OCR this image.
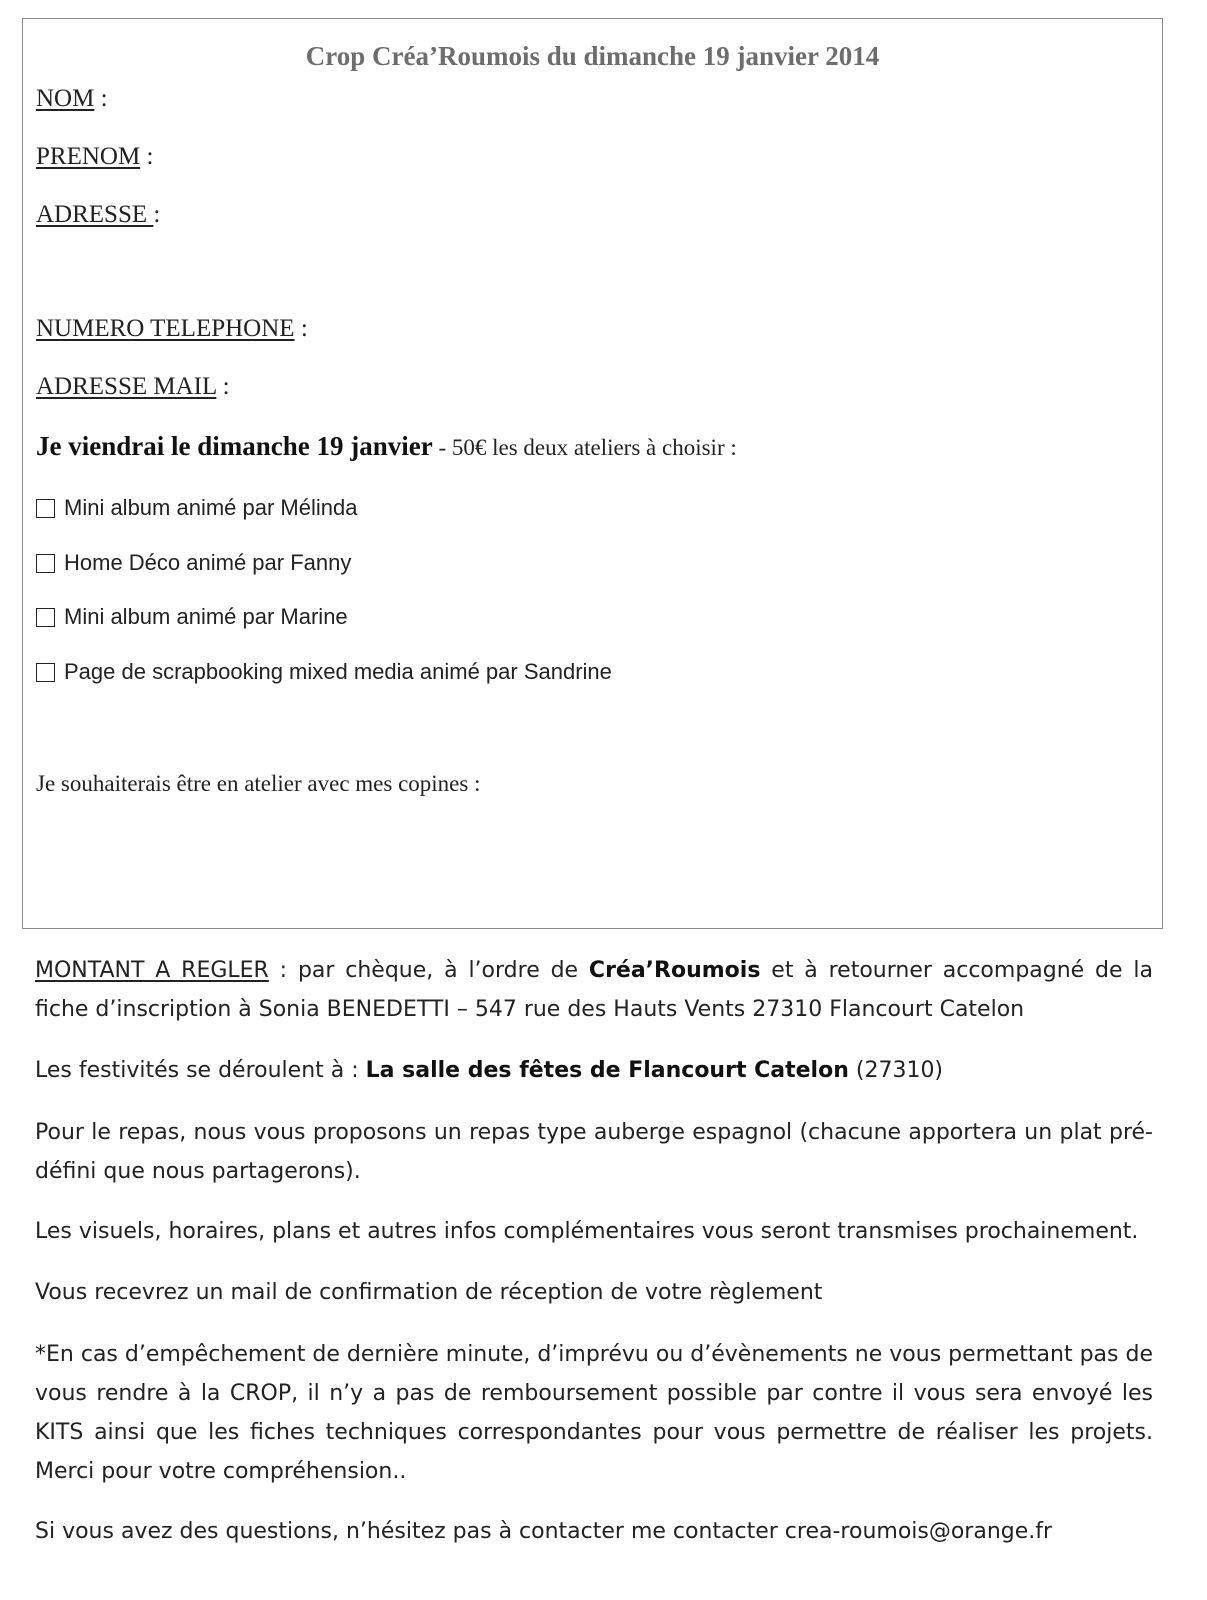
Crop Créa’Roumois du dimanche 19 janvier 2014
NOM :
PRENOM :
ADRESSE :
NUMERO TELEPHONE :
ADRESSE MAIL :
Je viendrai le dimanche 19 janvier - 50€ les deux ateliers à choisir :
Mini album animé par Mélinda
Home Déco animé par Fanny
Mini album animé par Marine
Page de scrapbooking mixed media animé par Sandrine
Je souhaiterais être en atelier avec mes copines :
MONTANT A REGLER : par chèque, à l’ordre de Créa’Roumois et à retourner accompagné de la fiche d’inscription à Sonia BENEDETTI – 547 rue des Hauts Vents 27310 Flancourt Catelon
Les festivités se déroulent à : La salle des fêtes de Flancourt Catelon (27310)
Pour le repas, nous vous proposons un repas type auberge espagnol (chacune apportera un plat pré-défini que nous partagerons).
Les visuels, horaires, plans et autres infos complémentaires vous seront transmises prochainement.
Vous recevrez un mail de confirmation de réception de votre règlement
*En cas d’empêchement de dernière minute, d’imprévu ou d’évènements ne vous permettant pas de vous rendre à la CROP, il n’y a pas de remboursement possible par contre il vous sera envoyé les KITS ainsi que les fiches techniques correspondantes pour vous permettre de réaliser les projets. Merci pour votre compréhension..
Si vous avez des questions, n’hésitez pas à contacter me contacter crea-roumois@orange.fr
